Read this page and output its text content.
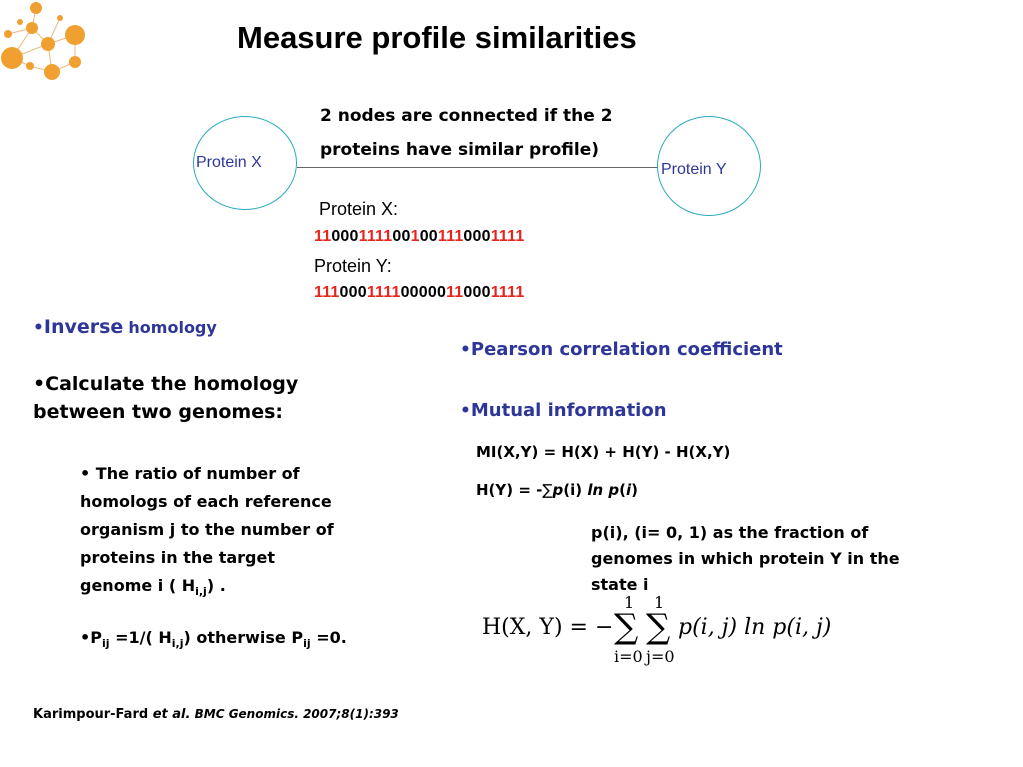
Measure profile similarities
Protein X	Protein Y
2 nodes are connected if the 2
proteins have similar profile)
Protein X:
110001111001001110001111
Protein Y:
111000111100000110001111
•Inverse homology
•Calculate the homology
between two genomes:
• The ratio of number of
homologs of each reference
organism j to the number of
proteins in the target
genome i ( $H_{i,j}$) .
$•P_{ij} =1/$( $H_{i,j}$) otherwise $P_{ij} =0$.
•Pearson correlation coefficient
•Mutual information
MI(X,Y) = H(X) + H(Y) - H(X,Y)
H(Y) = -∑p(i) ln p(i)
p(i), (i= 0, 1) as the fraction of
genomes in which protein Y in the
state i
H(X, Y) = −
1
∑
i=0
1
∑
j=0
p(i, j) ln p(i, j)
Karimpour-Fard et al. BMC Genomics. 2007;8(1):393
